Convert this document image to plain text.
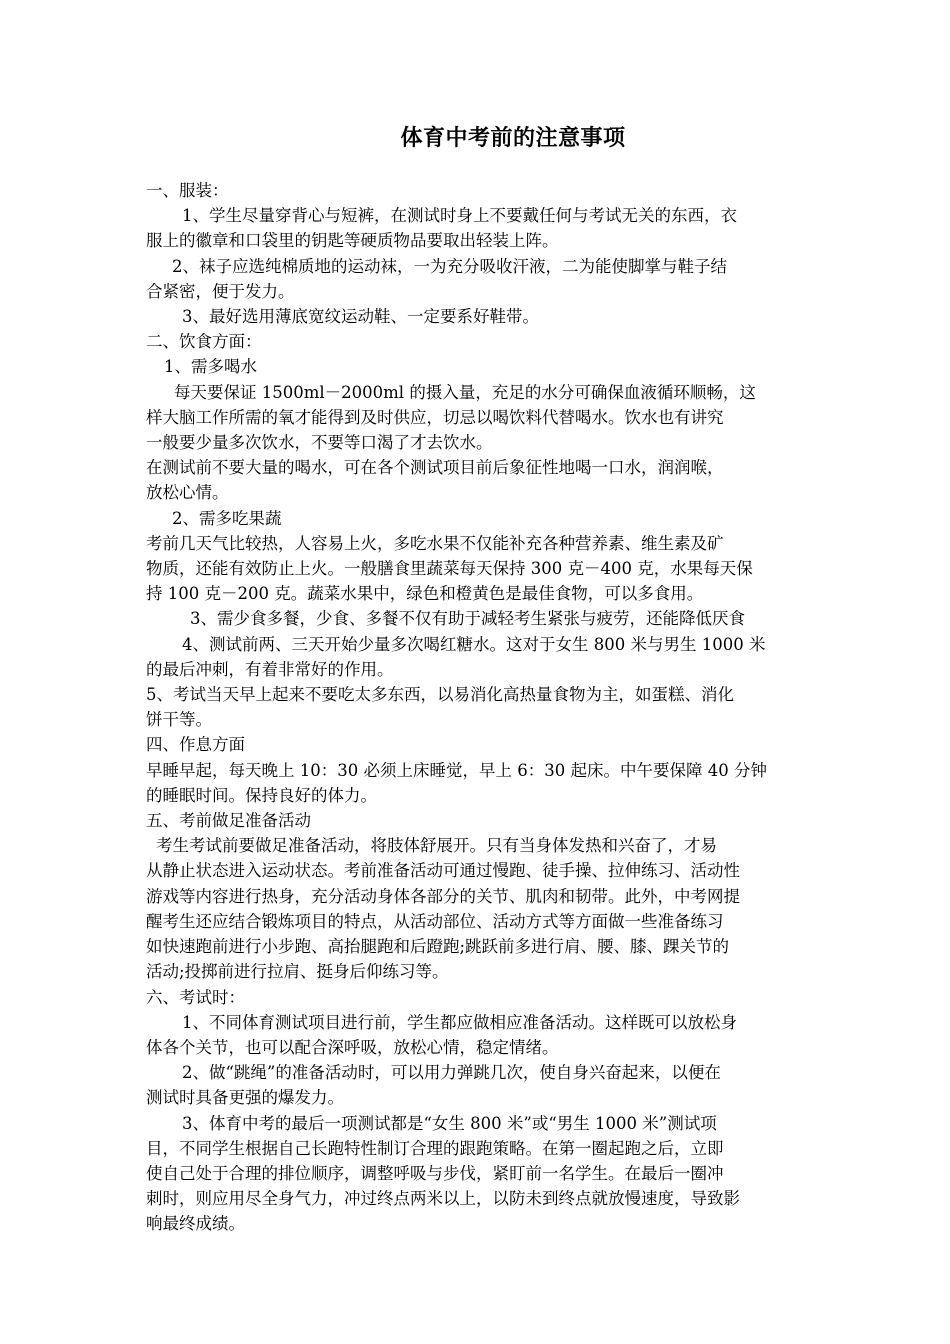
体育中考前的注意事项

一、服装：

1、学生尽量穿背心与短裤，在测试时身上不要戴任何与考试无关的东西，衣

服上的徽章和口袋里的钥匙等硬质物品要取出轻装上阵。

2、袜子应选纯棉质地的运动袜，一为充分吸收汗液，二为能使脚掌与鞋子结

合紧密，便于发力。

3、最好选用薄底宽纹运动鞋、一定要系好鞋带。

二、饮食方面：

1、需多喝水

每天要保证 1500ml－2000ml 的摄入量，充足的水分可确保血液循环顺畅，这

样大脑工作所需的氧才能得到及时供应，切忌以喝饮料代替喝水。饮水也有讲究

一般要少量多次饮水，不要等口渴了才去饮水。

在测试前不要大量的喝水，可在各个测试项目前后象征性地喝一口水，润润喉，

放松心情。

2、需多吃果蔬

考前几天气比较热，人容易上火，多吃水果不仅能补充各种营养素、维生素及矿

物质，还能有效防止上火。一般膳食里蔬菜每天保持 300 克－400 克，水果每天保

持 100 克－200 克。蔬菜水果中，绿色和橙黄色是最佳食物，可以多食用。

3、需少食多餐，少食、多餐不仅有助于减轻考生紧张与疲劳，还能降低厌食

4、测试前两、三天开始少量多次喝红糖水。这对于女生 800 米与男生 1000 米

的最后冲刺，有着非常好的作用。

5、考试当天早上起来不要吃太多东西，以易消化高热量食物为主，如蛋糕、消化

饼干等。

四、作息方面

早睡早起，每天晚上 10：30 必须上床睡觉，早上 6：30 起床。中午要保障 40 分钟

的睡眠时间。保持良好的体力。

五、考前做足准备活动

考生考试前要做足准备活动，将肢体舒展开。只有当身体发热和兴奋了，才易

从静止状态进入运动状态。考前准备活动可通过慢跑、徒手操、拉伸练习、活动性

游戏等内容进行热身，充分活动身体各部分的关节、肌肉和韧带。此外，中考网提

醒考生还应结合锻炼项目的特点，从活动部位、活动方式等方面做一些准备练习

如快速跑前进行小步跑、高抬腿跑和后蹬跑;跳跃前多进行肩、腰、膝、踝关节的

活动;投掷前进行拉肩、挺身后仰练习等。

六、考试时：

1、不同体育测试项目进行前，学生都应做相应准备活动。这样既可以放松身

体各个关节，也可以配合深呼吸，放松心情，稳定情绪。

2、做“跳绳”的准备活动时，可以用力弹跳几次，使自身兴奋起来，以便在

测试时具备更强的爆发力。

3、体育中考的最后一项测试都是“女生 800 米”或“男生 1000 米”测试项

目，不同学生根据自己长跑特性制订合理的跟跑策略。在第一圈起跑之后，立即

使自己处于合理的排位顺序，调整呼吸与步伐，紧盯前一名学生。在最后一圈冲

刺时，则应用尽全身气力，冲过终点两米以上，以防未到终点就放慢速度，导致影

响最终成绩。
